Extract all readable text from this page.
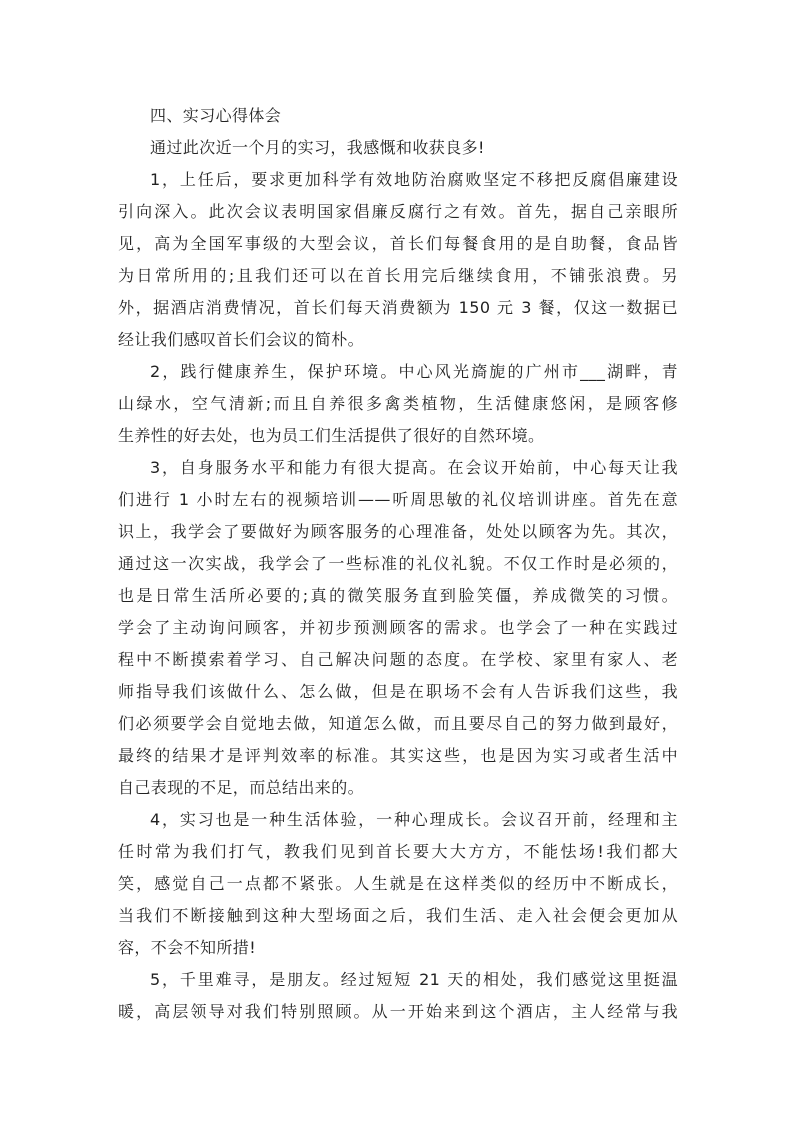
四、实习心得体会
通过此次近一个月的实习，我感慨和收获良多!
1，上任后，要求更加科学有效地防治腐败坚定不移把反腐倡廉建设
引向深入。此次会议表明国家倡廉反腐行之有效。首先，据自己亲眼所
见，高为全国军事级的大型会议，首长们每餐食用的是自助餐，食品皆
为日常所用的;且我们还可以在首长用完后继续食用，不铺张浪费。另
外，据酒店消费情况，首长们每天消费额为 150 元 3 餐，仅这一数据已
经让我们感叹首长们会议的简朴。
2，践行健康养生，保护环境。中心风光旖旎的广州市___湖畔，青
山绿水，空气清新;而且自养很多禽类植物，生活健康悠闲，是顾客修
生养性的好去处，也为员工们生活提供了很好的自然环境。
3，自身服务水平和能力有很大提高。在会议开始前，中心每天让我
们进行 1 小时左右的视频培训——听周思敏的礼仪培训讲座。首先在意
识上，我学会了要做好为顾客服务的心理准备，处处以顾客为先。其次，
通过这一次实战，我学会了一些标准的礼仪礼貌。不仅工作时是必须的，
也是日常生活所必要的;真的微笑服务直到脸笑僵，养成微笑的习惯。
学会了主动询问顾客，并初步预测顾客的需求。也学会了一种在实践过
程中不断摸索着学习、自己解决问题的态度。在学校、家里有家人、老
师指导我们该做什么、怎么做，但是在职场不会有人告诉我们这些，我
们必须要学会自觉地去做，知道怎么做，而且要尽自己的努力做到最好，
最终的结果才是评判效率的标准。其实这些，也是因为实习或者生活中
自己表现的不足，而总结出来的。
4，实习也是一种生活体验，一种心理成长。会议召开前，经理和主
任时常为我们打气，教我们见到首长要大大方方，不能怯场!我们都大
笑，感觉自己一点都不紧张。人生就是在这样类似的经历中不断成长，
当我们不断接触到这种大型场面之后，我们生活、走入社会便会更加从
容，不会不知所措!
5，千里难寻，是朋友。经过短短 21 天的相处，我们感觉这里挺温
暖，高层领导对我们特别照顾。从一开始来到这个酒店，主人经常与我
